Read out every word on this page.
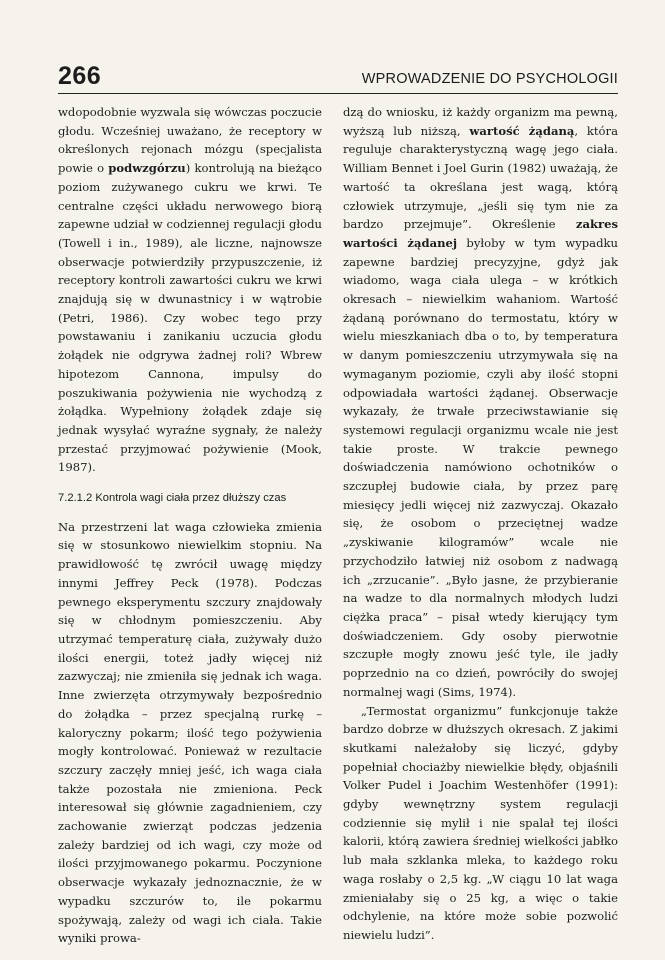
266	WPROWADZENIE DO PSYCHOLOGII

wdopodobnie wyzwala się wówczas poczucie głodu. Wcześniej uważano, że receptory w określonych rejonach mózgu (specjalista powie o podwzgórzu) kontrolują na bieżąco poziom zużywanego cukru we krwi. Te centralne części układu nerwowego biorą zapewne udział w codziennej regulacji głodu (Towell i in., 1989), ale liczne, najnowsze obserwacje potwierdziły przypuszczenie, iż receptory kontroli zawartości cukru we krwi znajdują się w dwunastnicy i w wątrobie (Petri, 1986). Czy wobec tego przy powstawaniu i zanikaniu uczucia głodu żołądek nie odgrywa żadnej roli? Wbrew hipotezom Cannona, impulsy do poszukiwania pożywienia nie wychodzą z żołądka. Wypełniony żołądek zdaje się jednak wysyłać wyraźne sygnały, że należy przestać przyjmować pożywienie (Mook, 1987).

7.2.1.2 Kontrola wagi ciała przez dłuższy czas

Na przestrzeni lat waga człowieka zmienia się w stosunkowo niewielkim stopniu. Na prawidłowość tę zwrócił uwagę między innymi Jeffrey Peck (1978). Podczas pewnego eksperymentu szczury znajdowały się w chłodnym pomieszczeniu. Aby utrzymać temperaturę ciała, zużywały dużo ilości energii, toteż jadły więcej niż zazwyczaj; nie zmieniła się jednak ich waga. Inne zwierzęta otrzymywały bezpośrednio do żołądka – przez specjalną rurkę – kaloryczny pokarm; ilość tego pożywienia mogły kontrolować. Ponieważ w rezultacie szczury zaczęły mniej jeść, ich waga ciała także pozostała nie zmieniona. Peck interesował się głównie zagadnieniem, czy zachowanie zwierząt podczas jedzenia zależy bardziej od ich wagi, czy może od ilości przyjmowanego pokarmu. Poczynione obserwacje wykazały jednoznacznie, że w wypadku szczurów to, ile pokarmu spożywają, zależy od wagi ich ciała. Takie wyniki prowa-

dzą do wniosku, iż każdy organizm ma pewną, wyższą lub niższą, wartość żądaną, która reguluje charakterystyczną wagę jego ciała. William Bennet i Joel Gurin (1982) uważają, że wartość ta określana jest wagą, którą człowiek utrzymuje, „jeśli się tym nie za bardzo przejmuje”. Określenie zakres wartości żądanej byłoby w tym wypadku zapewne bardziej precyzyjne, gdyż jak wiadomo, waga ciała ulega – w krótkich okresach – niewielkim wahaniom. Wartość żądaną porównano do termostatu, który w wielu mieszkaniach dba o to, by temperatura w danym pomieszczeniu utrzymywała się na wymaganym poziomie, czyli aby ilość stopni odpowiadała wartości żądanej. Obserwacje wykazały, że trwałe przeciwstawianie się systemowi regulacji organizmu wcale nie jest takie proste. W trakcie pewnego doświadczenia namówiono ochotników o szczupłej budowie ciała, by przez parę miesięcy jedli więcej niż zazwyczaj. Okazało się, że osobom o przeciętnej wadze „zyskiwanie kilogramów” wcale nie przychodziło łatwiej niż osobom z nadwagą ich „zrzucanie”. „Było jasne, że przybieranie na wadze to dla normalnych młodych ludzi ciężka praca” – pisał wtedy kierujący tym doświadczeniem. Gdy osoby pierwotnie szczupłe mogły znowu jeść tyle, ile jadły poprzednio na co dzień, powróciły do swojej normalnej wagi (Sims, 1974).

„Termostat organizmu” funkcjonuje także bardzo dobrze w dłuższych okresach. Z jakimi skutkami należałoby się liczyć, gdyby popełniał chociażby niewielkie błędy, objaśnili Volker Pudel i Joachim Westenhöfer (1991): gdyby wewnętrzny system regulacji codziennie się mylił i nie spalał tej ilości kalorii, którą zawiera średniej wielkości jabłko lub mała szklanka mleka, to każdego roku waga rosłaby o 2,5 kg. „W ciągu 10 lat waga zmieniałaby się o 25 kg, a więc o takie odchylenie, na które może sobie pozwolić niewielu ludzi”.
